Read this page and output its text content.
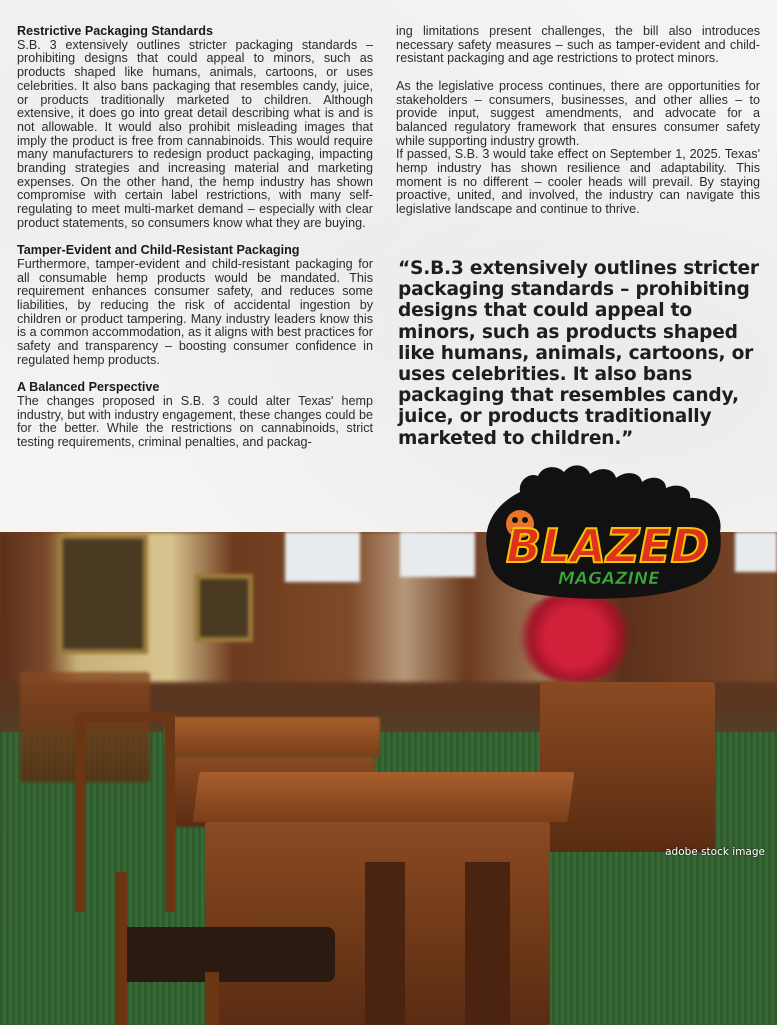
Restrictive Packaging Standards

S.B. 3 extensively outlines stricter packaging standards – prohibiting designs that could appeal to minors, such as products shaped like humans, animals, cartoons, or uses celebrities. It also bans packaging that resembles candy, juice, or products traditionally marketed to children. Although extensive, it does go into great detail describing what is and is not allowable. It would also prohibit misleading images that imply the product is free from cannabinoids. This would require many manufacturers to redesign product packaging, impacting branding strategies and increasing material and marketing expenses. On the other hand, the hemp industry has shown compromise with certain label restrictions, with many self-regulating to meet multi-market demand – especially with clear product statements, so consumers know what they are buying.

Tamper-Evident and Child-Resistant Packaging

Furthermore, tamper-evident and child-resistant packaging for all consumable hemp products would be mandated. This requirement enhances consumer safety, and reduces some liabilities, by reducing the risk of accidental ingestion by children or product tampering. Many industry leaders know this is a common accommodation, as it aligns with best practices for safety and transparency – boosting consumer confidence in regulated hemp products.

A Balanced Perspective

The changes proposed in S.B. 3 could alter Texas' hemp industry, but with industry engagement, these changes could be for the better. While the restrictions on cannabinoids, strict testing requirements, criminal penalties, and packag-

ing limitations present challenges, the bill also introduces necessary safety measures – such as tamper-evident and child-resistant packaging and age restrictions to protect minors.

As the legislative process continues, there are opportunities for stakeholders – consumers, businesses, and other allies – to provide input, suggest amendments, and advocate for a balanced regulatory framework that ensures consumer safety while supporting industry growth.

If passed, S.B. 3 would take effect on September 1, 2025. Texas' hemp industry has shown resilience and adaptability. This moment is no different – cooler heads will prevail. By staying proactive, united, and involved, the industry can navigate this legislative landscape and continue to thrive.

“S.B.3 extensively outlines stricter packaging standards – prohibiting designs that could appeal to minors, such as products shaped like humans, animals, cartoons, or uses celebrities. It also bans packaging that resembles candy, juice, or products traditionally marketed to children.”
adobe stock image
BLAZED
MAGAZINE
